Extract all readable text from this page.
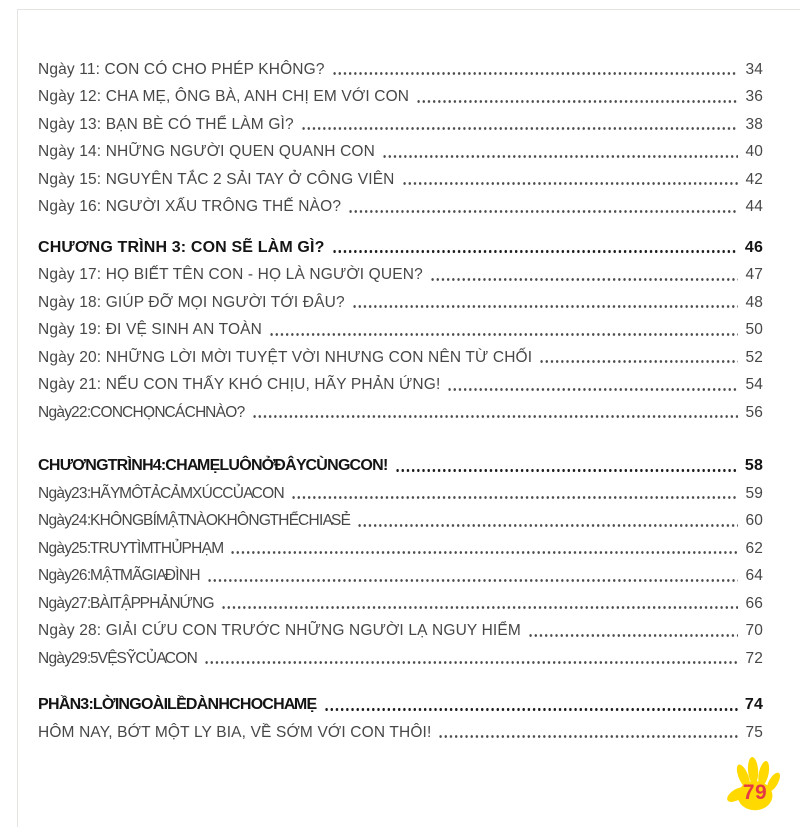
Ngày 11: CON CÓ CHO PHÉP KHÔNG?	34
Ngày 12: CHA MẸ, ÔNG BÀ, ANH CHỊ EM VỚI CON	36
Ngày 13: BẠN BÈ CÓ THỂ LÀM GÌ?	38
Ngày 14: NHỮNG NGƯỜI QUEN QUANH CON	40
Ngày 15: NGUYÊN TẮC 2 SẢI TAY Ở CÔNG VIÊN	42
Ngày 16: NGƯỜI XẤU TRÔNG THẾ NÀO?	44
CHƯƠNG TRÌNH 3: CON SẼ LÀM GÌ?	46
Ngày 17: HỌ BIẾT TÊN CON - HỌ LÀ NGƯỜI QUEN?	47
Ngày 18: GIÚP ĐỠ MỌI NGƯỜI TỚI ĐÂU?	48
Ngày 19: ĐI VỆ SINH AN TOÀN	50
Ngày 20: NHỮNG LỜI MỜI TUYỆT VỜI NHƯNG CON NÊN TỪ CHỐI	52
Ngày 21: NẾU CON THẤY KHÓ CHỊU, HÃY PHẢN ỨNG!	54
Ngày 22: CON CHỌN CÁCH NÀO?	56
CHƯƠNG TRÌNH 4: CHA MẸ LUÔN Ở ĐÂY CÙNG CON!	58
Ngày 23: HÃY MÔ TẢ CẢM XÚC CỦA CON	59
Ngày 24: KHÔNG BÍ MẬT NÀO KHÔNG THỂ CHIA SẺ	60
Ngày 25: TRUY TÌM THỦ PHẠM	62
Ngày 26: MẬT MÃ GIA ĐÌNH	64
Ngày 27: BÀI TẬP PHẢN ỨNG	66
Ngày 28: GIẢI CỨU CON TRƯỚC NHỮNG NGƯỜI LẠ NGUY HIỂM	70
Ngày 29: 5 VỆ SỸ CỦA CON	72
PHẦN 3: LỜI NGOÀI LỀ DÀNH CHO CHA MẸ	74
HÔM NAY, BỚT MỘT LY BIA, VỀ SỚM VỚI CON THÔI!	75
79
